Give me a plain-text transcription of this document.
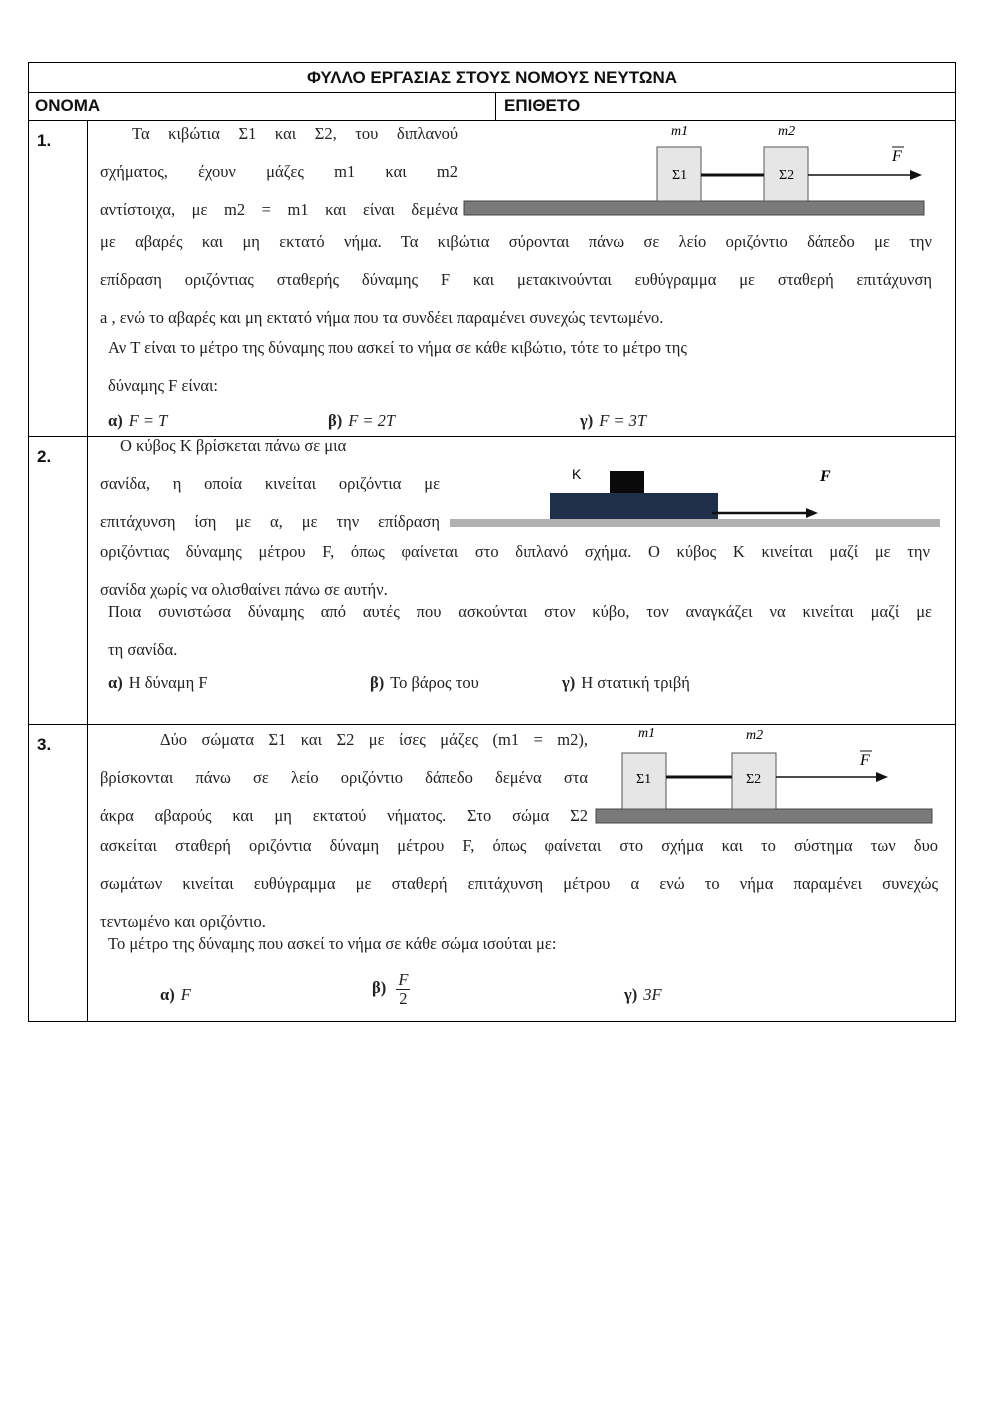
ΦΥΛΛΟ ΕΡΓΑΣΙΑΣ ΣΤΟΥΣ ΝΟΜΟΥΣ ΝΕΥΤΩΝΑ
ΟΝΟΜΑ	ΕΠΙΘΕΤΟ
1.	Τα κιβώτια Σ1 και Σ2, του διπλανού

σχήματος, έχουν μάζες m1 και m2

αντίστοιχα, με m2 = m1 και είναι δεμένα

με αβαρές και μη εκτατό νήμα. Τα κιβώτια σύρονται πάνω σε λείο οριζόντιο δάπεδο με την

επίδραση οριζόντιας σταθερής δύναμης F και μετακινούνται ευθύγραμμα με σταθερή επιτάχυνση

a , ενώ το αβαρές και μη εκτατό νήμα που τα συνδέει παραμένει συνεχώς τεντωμένο.

Αν T είναι το μέτρο της δύναμης που ασκεί το νήμα σε κάθε κιβώτιο, τότε το μέτρο της

δύναμης F είναι:

α) F = T	β) F = 2T	γ) F = 3T
m1	m2
Σ1	Σ2
F
2.

Ο κύβος Κ βρίσκεται πάνω σε μια

σανίδα, η οποία κινείται οριζόντια με

επιτάχυνση ίση με α, με την επίδραση

οριζόντιας δύναμης μέτρου F, όπως φαίνεται στο διπλανό σχήμα. Ο κύβος Κ κινείται μαζί με την

σανίδα χωρίς να ολισθαίνει πάνω σε αυτήν.

Ποια συνιστώσα δύναμης από αυτές που ασκούνται στον κύβο, τον αναγκάζει να κινείται μαζί με

τη σανίδα.

α) Η δύναμη F	β) Το βάρος του	γ) Η στατική τριβή
Κ	F
3.	Δύο σώματα Σ1 και Σ2 με ίσες μάζες (m1 = m2),

βρίσκονται πάνω σε λείο οριζόντιο δάπεδο δεμένα στα

άκρα αβαρούς και μη εκτατού νήματος. Στο σώμα Σ2

ασκείται σταθερή οριζόντια δύναμη μέτρου F, όπως φαίνεται στο σχήμα και το σύστημα των δυο

σωμάτων κινείται ευθύγραμμα με σταθερή επιτάχυνση μέτρου α ενώ το νήμα παραμένει συνεχώς

τεντωμένο και οριζόντιο.

Το μέτρο της δύναμης που ασκεί το νήμα σε κάθε σώμα ισούται με:

α) F	$\beta) \frac{F}{2}$	γ) 3F
m1	m2
Σ1	Σ2
F
